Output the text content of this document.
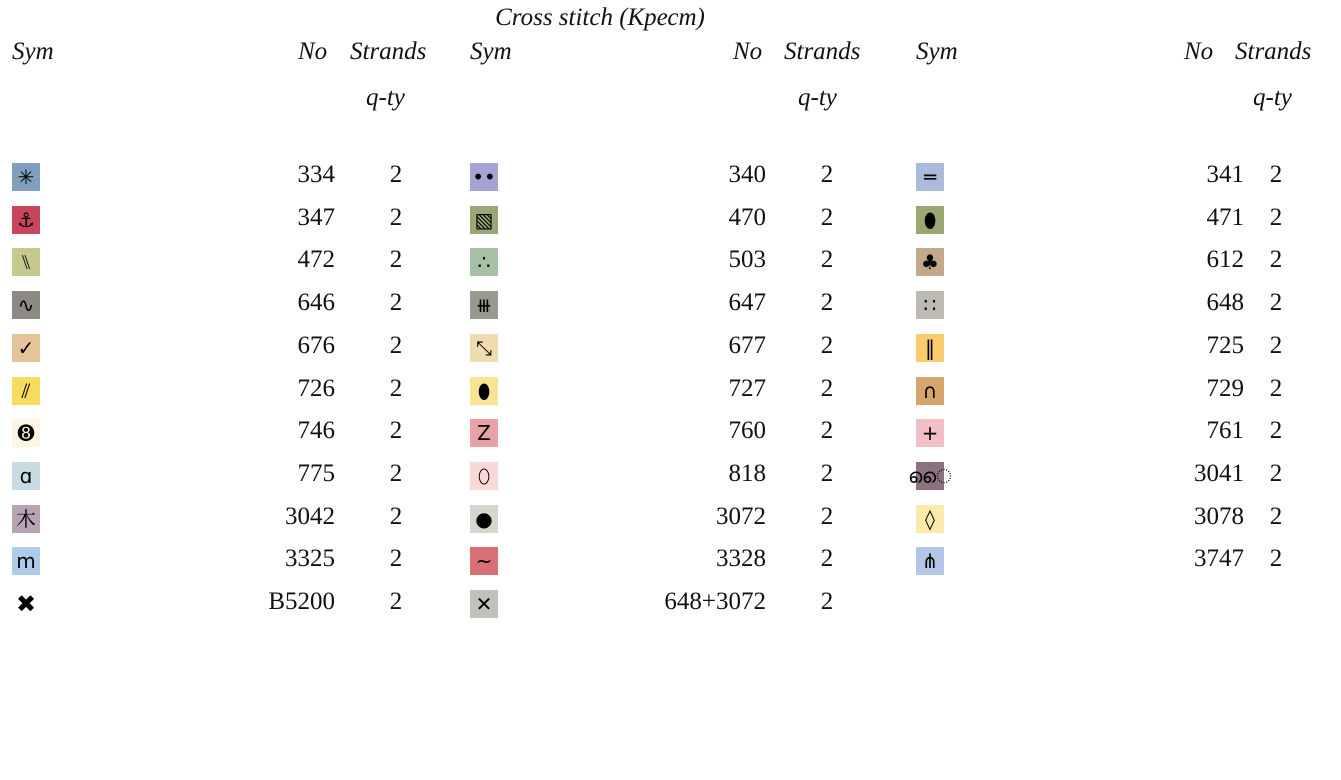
Cross stitch (Крест)
Sym	No Strands
q-ty
✳	334	2
⚓	347	2
⑊	472	2
∿	646	2
✓	676	2
⫽	726	2
➑	746	2
ɑ	775	2
⽊	3042	2
m	3325	2
✖	B5200	2
Sym	No Strands
q-ty
••	340	2
▧	470	2
∴	503	2
⧻	647	2
⤡	677	2
⬮	727	2
Z	760	2
⬯	818	2
●	3072	2
~	3328	2
✕	648+3072	2
Sym	No Strands
q-ty
═	341	2
⬮	471	2
♣	612	2
∷	648	2
‖	725	2
∩	729	2
+	761	2
ൈ	3041	2
◊	3078	2
⋔	3747	2
